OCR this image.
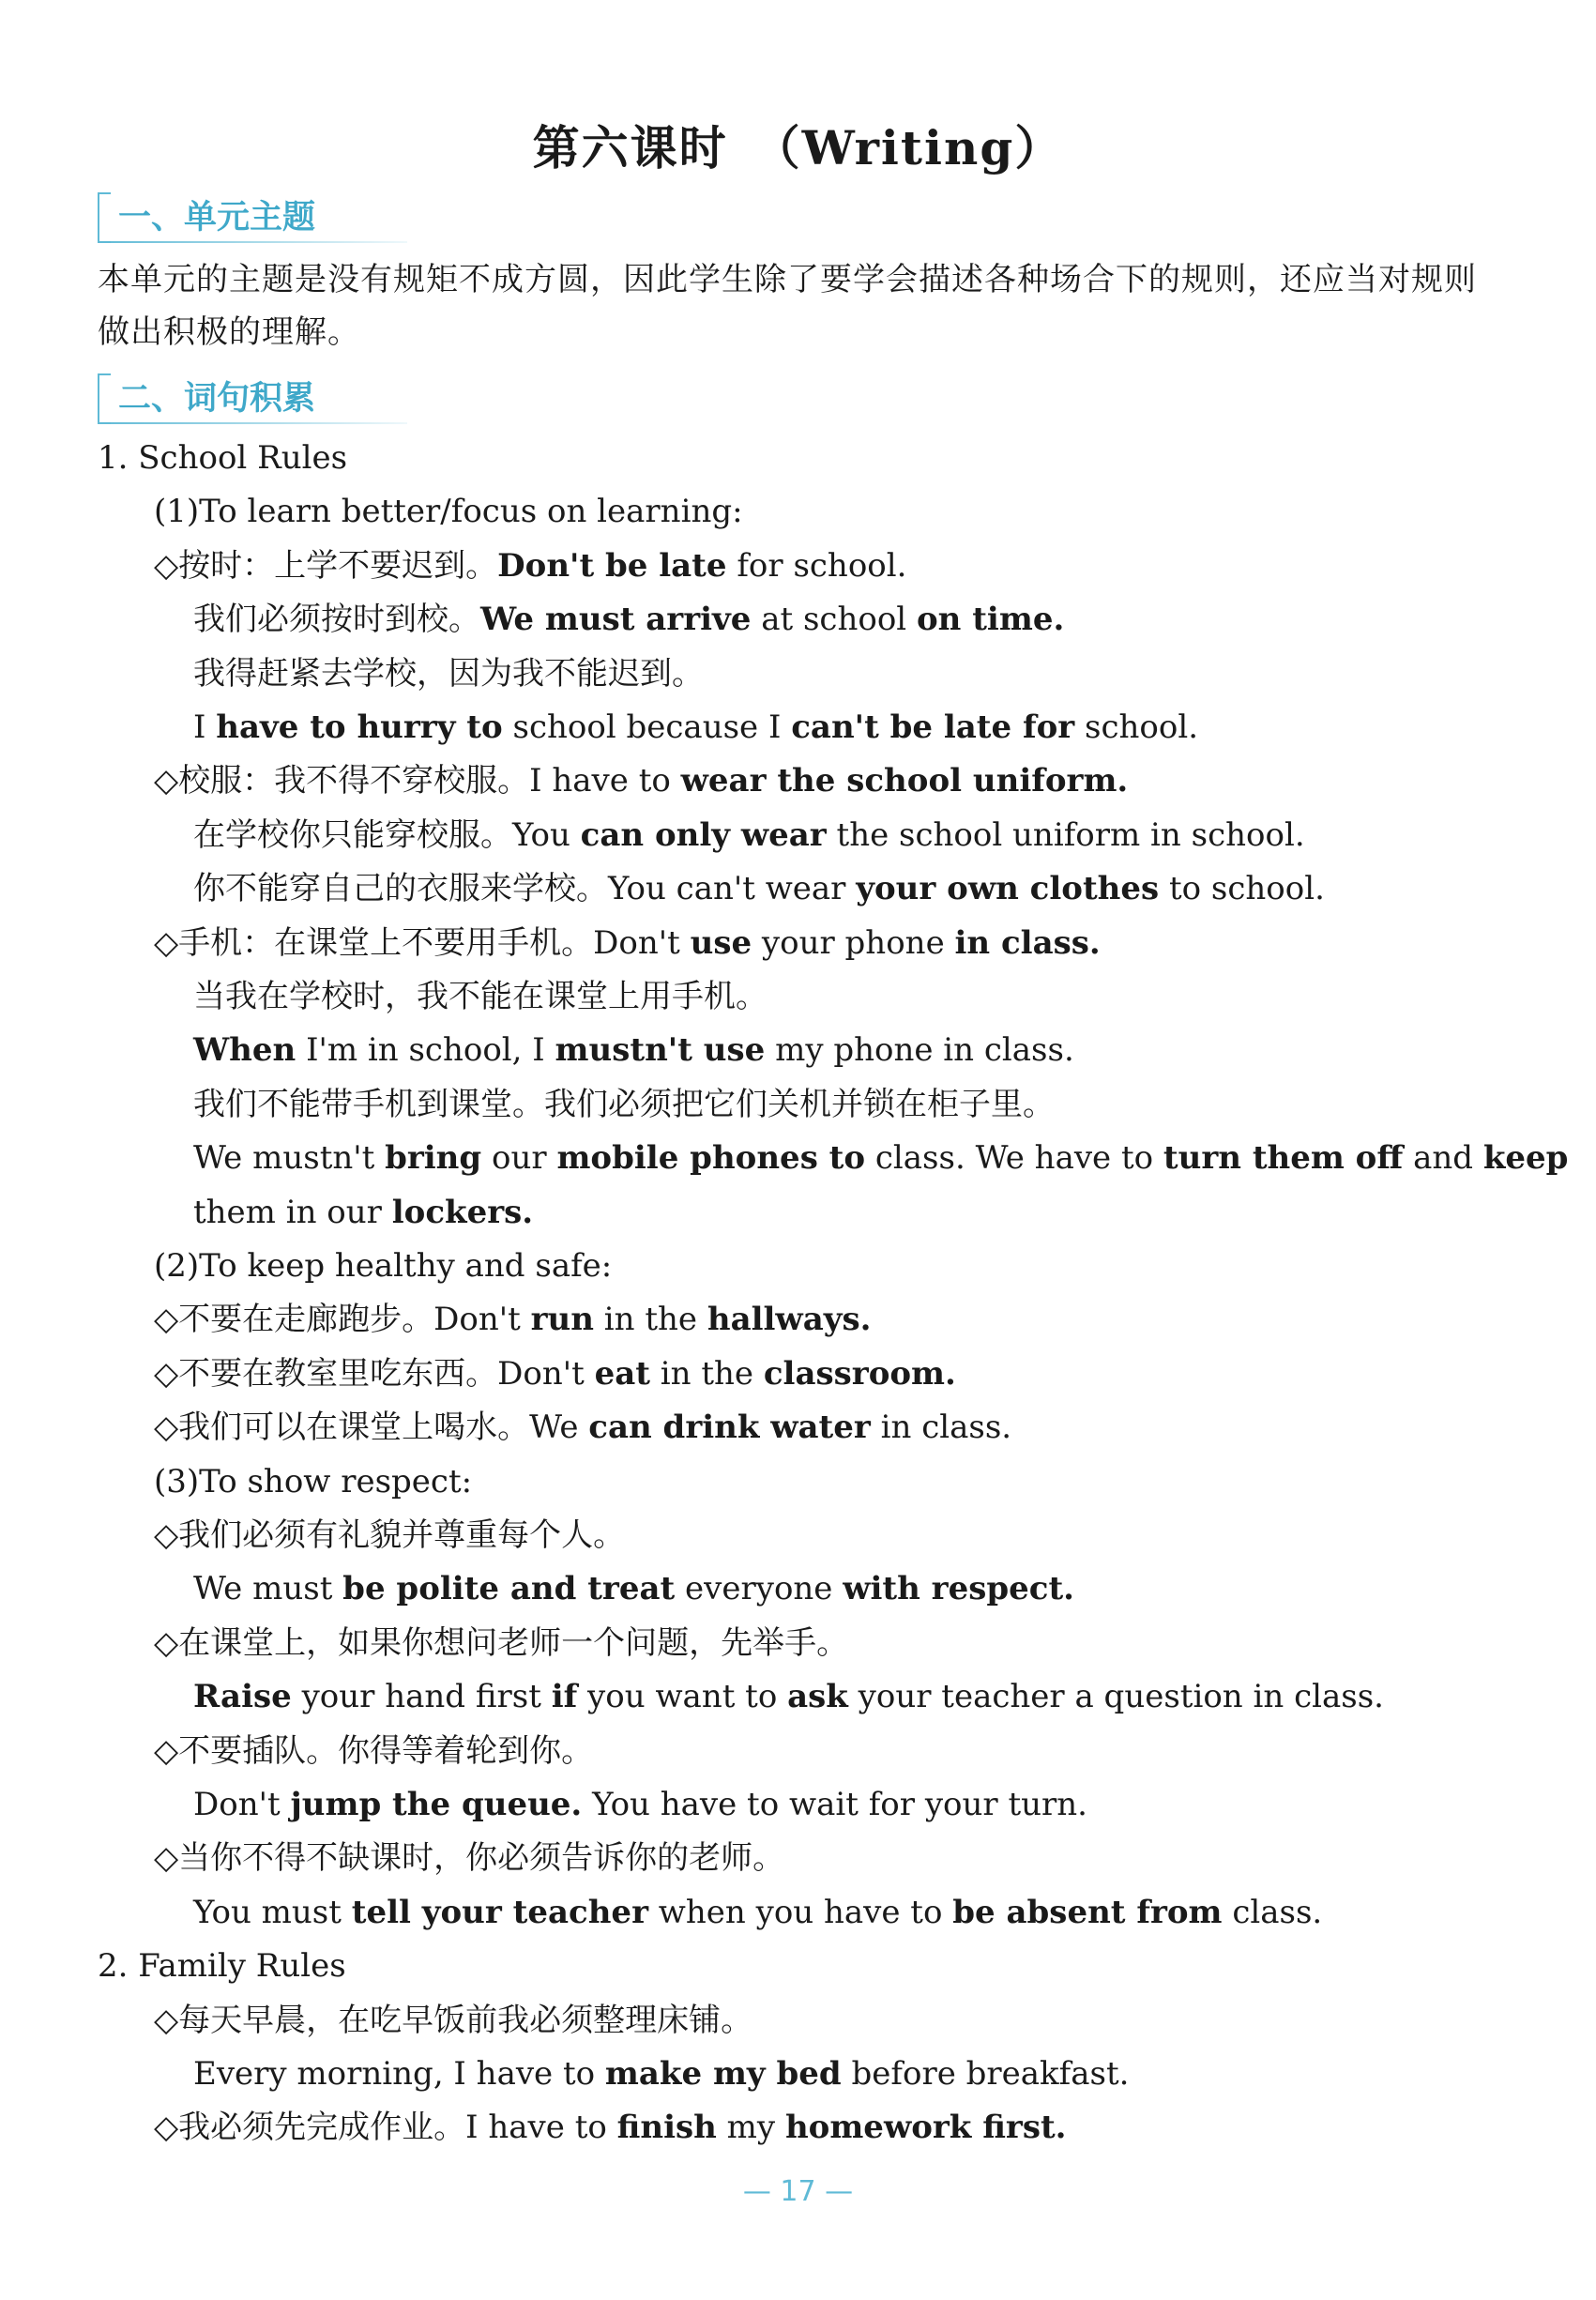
第六课时　（Writing）
一、单元主题
本单元的主题是没有规矩不成方圆，因此学生除了要学会描述各种场合下的规则，还应当对规则做出积极的理解。
二、词句积累
1. School Rules
(1)To learn better/focus on learning:
◇按时：上学不要迟到。Don't be late for school.
我们必须按时到校。We must arrive at school on time.
我得赶紧去学校，因为我不能迟到。
I have to hurry to school because I can't be late for school.
◇校服：我不得不穿校服。I have to wear the school uniform.
在学校你只能穿校服。You can only wear the school uniform in school.
你不能穿自己的衣服来学校。You can't wear your own clothes to school.
◇手机：在课堂上不要用手机。Don't use your phone in class.
当我在学校时，我不能在课堂上用手机。
When I'm in school, I mustn't use my phone in class.
我们不能带手机到课堂。我们必须把它们关机并锁在柜子里。
We mustn't bring our mobile phones to class. We have to turn them off and keep
them in our lockers.
(2)To keep healthy and safe:
◇不要在走廊跑步。Don't run in the hallways.
◇不要在教室里吃东西。Don't eat in the classroom.
◇我们可以在课堂上喝水。We can drink water in class.
(3)To show respect:
◇我们必须有礼貌并尊重每个人。
We must be polite and treat everyone with respect.
◇在课堂上，如果你想问老师一个问题，先举手。
Raise your hand first if you want to ask your teacher a question in class.
◇不要插队。你得等着轮到你。
Don't jump the queue. You have to wait for your turn.
◇当你不得不缺课时，你必须告诉你的老师。
You must tell your teacher when you have to be absent from class.
2. Family Rules
◇每天早晨，在吃早饭前我必须整理床铺。
Every morning, I have to make my bed before breakfast.
◇我必须先完成作业。I have to finish my homework first.
— 17 —
